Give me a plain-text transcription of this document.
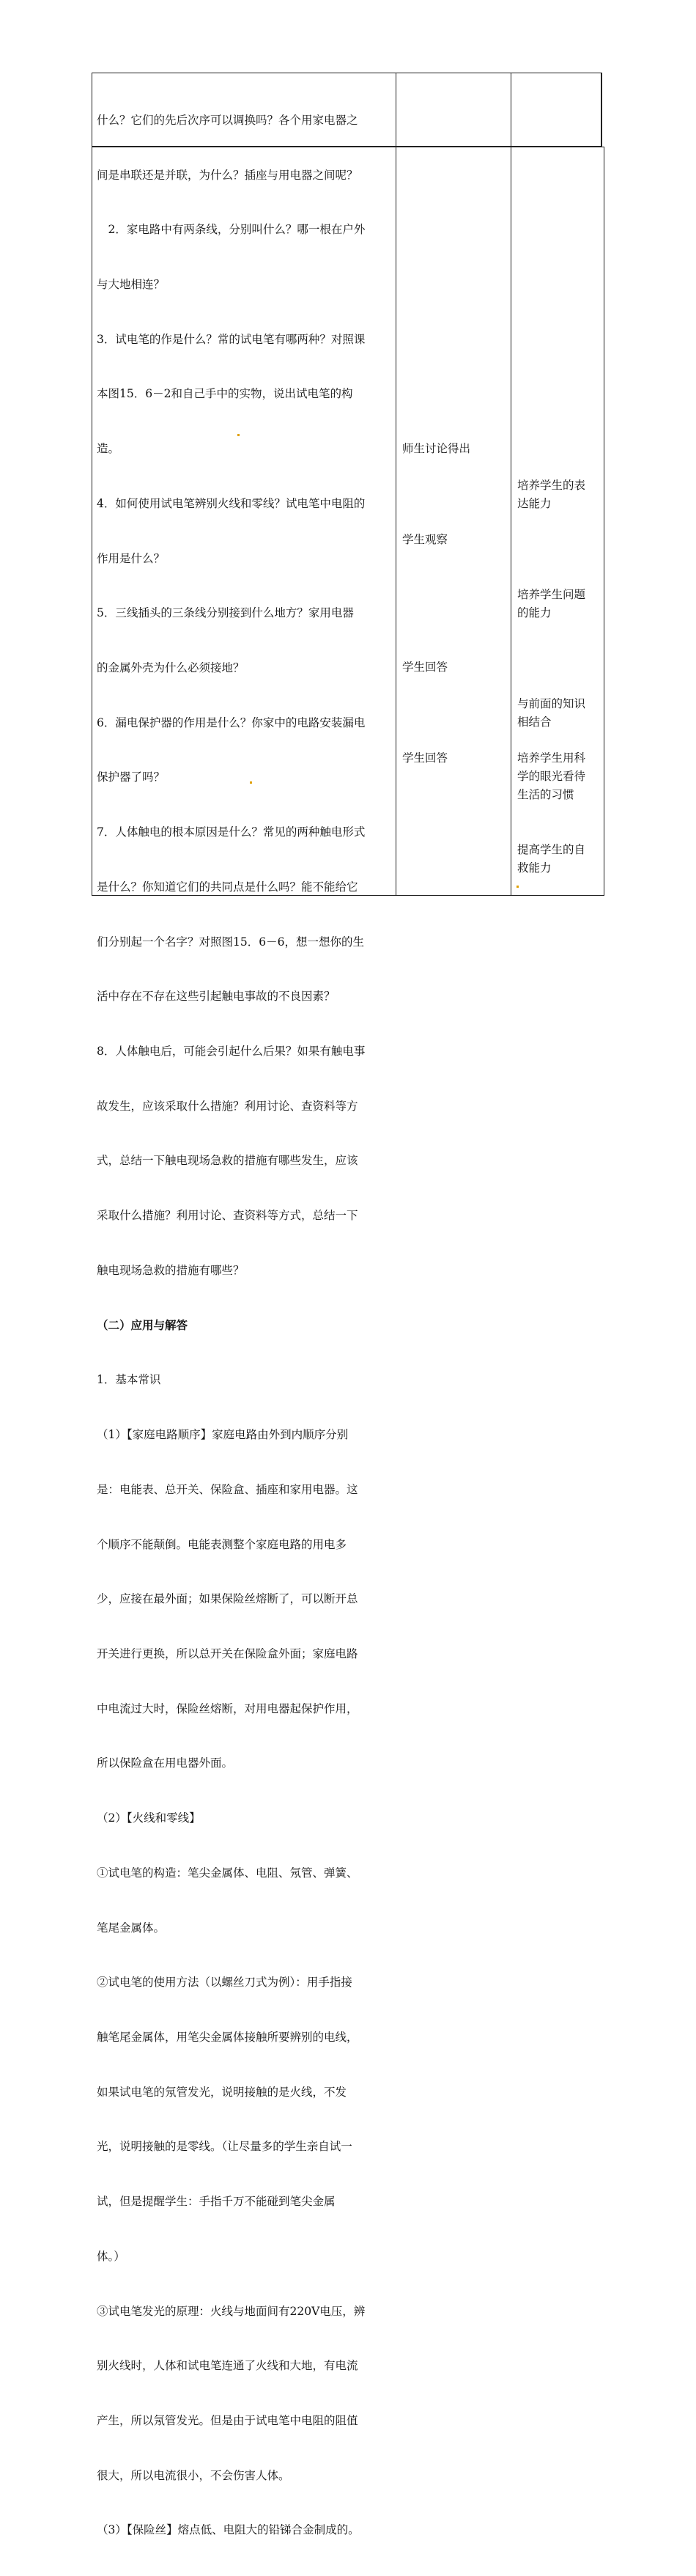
什么？它们的先后次序可以调换吗？各个用家电器之

间是串联还是并联，为什么？插座与用电器之间呢？

　2．家电路中有两条线，分别叫什么？哪一根在户外

与大地相连？

3．试电笔的作是什么？常的试电笔有哪两种？对照课

本图15．6－2和自己手中的实物，说出试电笔的构

造。

4．如何使用试电笔辨别火线和零线？试电笔中电阻的

作用是什么？

5．三线插头的三条线分别接到什么地方？家用电器

的金属外壳为什么必须接地？

6．漏电保护器的作用是什么？你家中的电路安装漏电

保护器了吗？

7．人体触电的根本原因是什么？常见的两种触电形式

是什么？你知道它们的共同点是什么吗？能不能给它

们分别起一个名字？对照图15．6－6，想一想你的生

活中存在不存在这些引起触电事故的不良因素？

8．人体触电后，可能会引起什么后果？如果有触电事

故发生，应该采取什么措施？利用讨论、查资料等方

式，总结一下触电现场急救的措施有哪些发生，应该

采取什么措施？利用讨论、查资料等方式，总结一下

触电现场急救的措施有哪些？

（二）应用与解答

1．基本常识

（1）【家庭电路顺序】家庭电路由外到内顺序分别

是：电能表、总开关、保险盒、插座和家用电器。这

个顺序不能颠倒。电能表测整个家庭电路的用电多

少，应接在最外面；如果保险丝熔断了，可以断开总

开关进行更换，所以总开关在保险盒外面；家庭电路

中电流过大时，保险丝熔断，对用电器起保护作用，

所以保险盒在用电器外面。

（2）【火线和零线】

①试电笔的构造：笔尖金属体、电阻、氖管、弹簧、

笔尾金属体。

②试电笔的使用方法（以螺丝刀式为例）：用手指接

触笔尾金属体，用笔尖金属体接触所要辨别的电线，

如果试电笔的氖管发光，说明接触的是火线，不发

光，说明接触的是零线。（让尽量多的学生亲自试一

试，但是提醒学生：手指千万不能碰到笔尖金属

体。）

③试电笔发光的原理：火线与地面间有220V电压，辨

别火线时，人体和试电笔连通了火线和大地，有电流

产生，所以氖管发光。但是由于试电笔中电阻的阻值

很大，所以电流很小，不会伤害人体。

（3）【保险丝】熔点低、电阻大的铅锑合金制成的。

师生讨论得出
学生观察
学生回答
学生回答
培养学生的表
达能力
培养学生问题
的能力
与前面的知识
相结合
培养学生用科
学的眼光看待
生活的习惯
提高学生的自
救能力
